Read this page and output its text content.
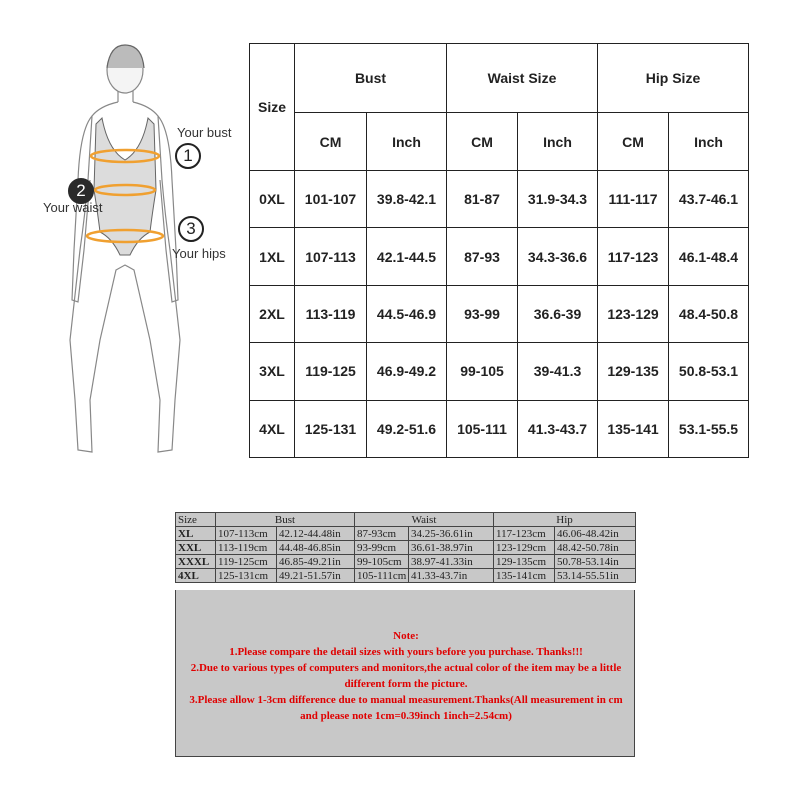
Your bust
1
2
Your waist
3
Your hips
Size	Bust		Waist Size		Hip Size	
	CM	Inch	CM	Inch	CM	Inch
0XL	101-107	39.8-42.1	81-87	31.9-34.3	111-117	43.7-46.1
1XL	107-113	42.1-44.5	87-93	34.3-36.6	117-123	46.1-48.4
2XL	113-119	44.5-46.9	93-99	36.6-39	123-129	48.4-50.8
3XL	119-125	46.9-49.2	99-105	39-41.3	129-135	50.8-53.1
4XL	125-131	49.2-51.6	105-111	41.3-43.7	135-141	53.1-55.5
Size	Bust		Waist		Hip	
XL	107-113cm	42.12-44.48in	87-93cm	34.25-36.61in	117-123cm	46.06-48.42in
XXL	113-119cm	44.48-46.85in	93-99cm	36.61-38.97in	123-129cm	48.42-50.78in
XXXL	119-125cm	46.85-49.21in	99-105cm	38.97-41.33in	129-135cm	50.78-53.14in
4XL	125-131cm	49.21-51.57in	105-111cm	41.33-43.7in	135-141cm	53.14-55.51in
Note:
1.Please compare the detail sizes with yours before you purchase. Thanks!!!
2.Due to various types of computers and monitors,the actual color of the item may be a little different form the picture.
3.Please allow 1-3cm difference due to manual measurement.Thanks(All measurement in cm and please note 1cm=0.39inch 1inch=2.54cm)
